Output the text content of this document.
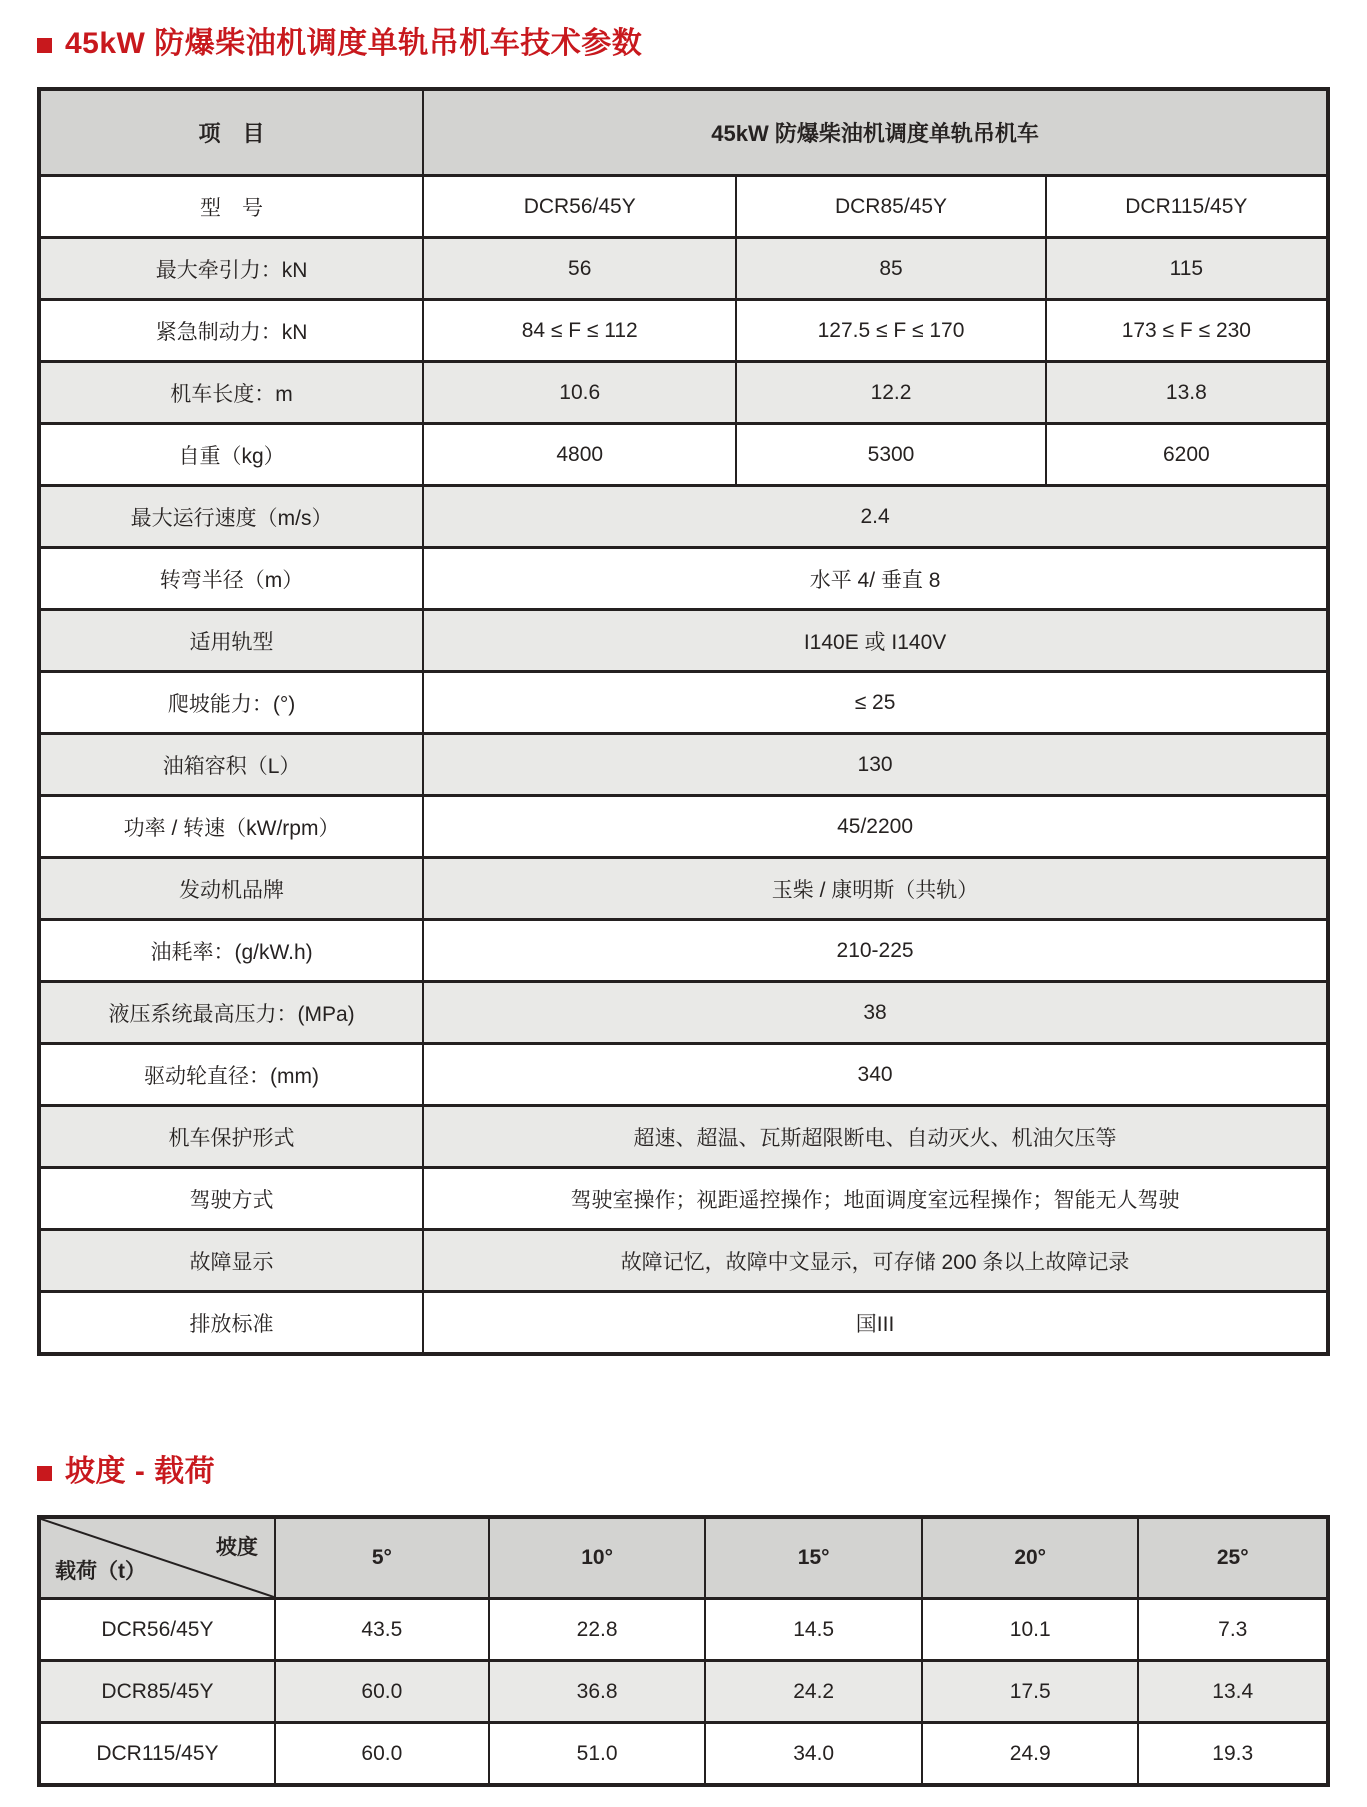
45kW 防爆柴油机调度单轨吊机车技术参数
项　目	45kW 防爆柴油机调度单轨吊机车		
型　号	DCR56/45Y	DCR85/45Y	DCR115/45Y
最大牵引力：kN	56	85	115
紧急制动力：kN	84 ≤ F ≤ 112	127.5 ≤ F ≤ 170	173 ≤ F ≤ 230
机车长度：m	10.6	12.2	13.8
自重（kg）	4800	5300	6200
最大运行速度（m/s）	2.4		
转弯半径（m）	水平 4/ 垂直 8		
适用轨型	I140E 或 I140V		
爬坡能力：(°)	≤ 25		
油箱容积（L）	130		
功率 / 转速（kW/rpm）	45/2200		
发动机品牌	玉柴 / 康明斯（共轨）		
油耗率：(g/kW.h)	210-225		
液压系统最高压力：(MPa)	38		
驱动轮直径：(mm)	340		
机车保护形式	超速、超温、瓦斯超限断电、自动灭火、机油欠压等		
驾驶方式	驾驶室操作；视距遥控操作；地面调度室远程操作；智能无人驾驶		
故障显示	故障记忆，故障中文显示，可存储 200 条以上故障记录		
排放标准	国III		
坡度 - 载荷
坡度
载荷（t）	5°	10°	15°	20°	25°
DCR56/45Y	43.5	22.8	14.5	10.1	7.3
DCR85/45Y	60.0	36.8	24.2	17.5	13.4
DCR115/45Y	60.0	51.0	34.0	24.9	19.3
